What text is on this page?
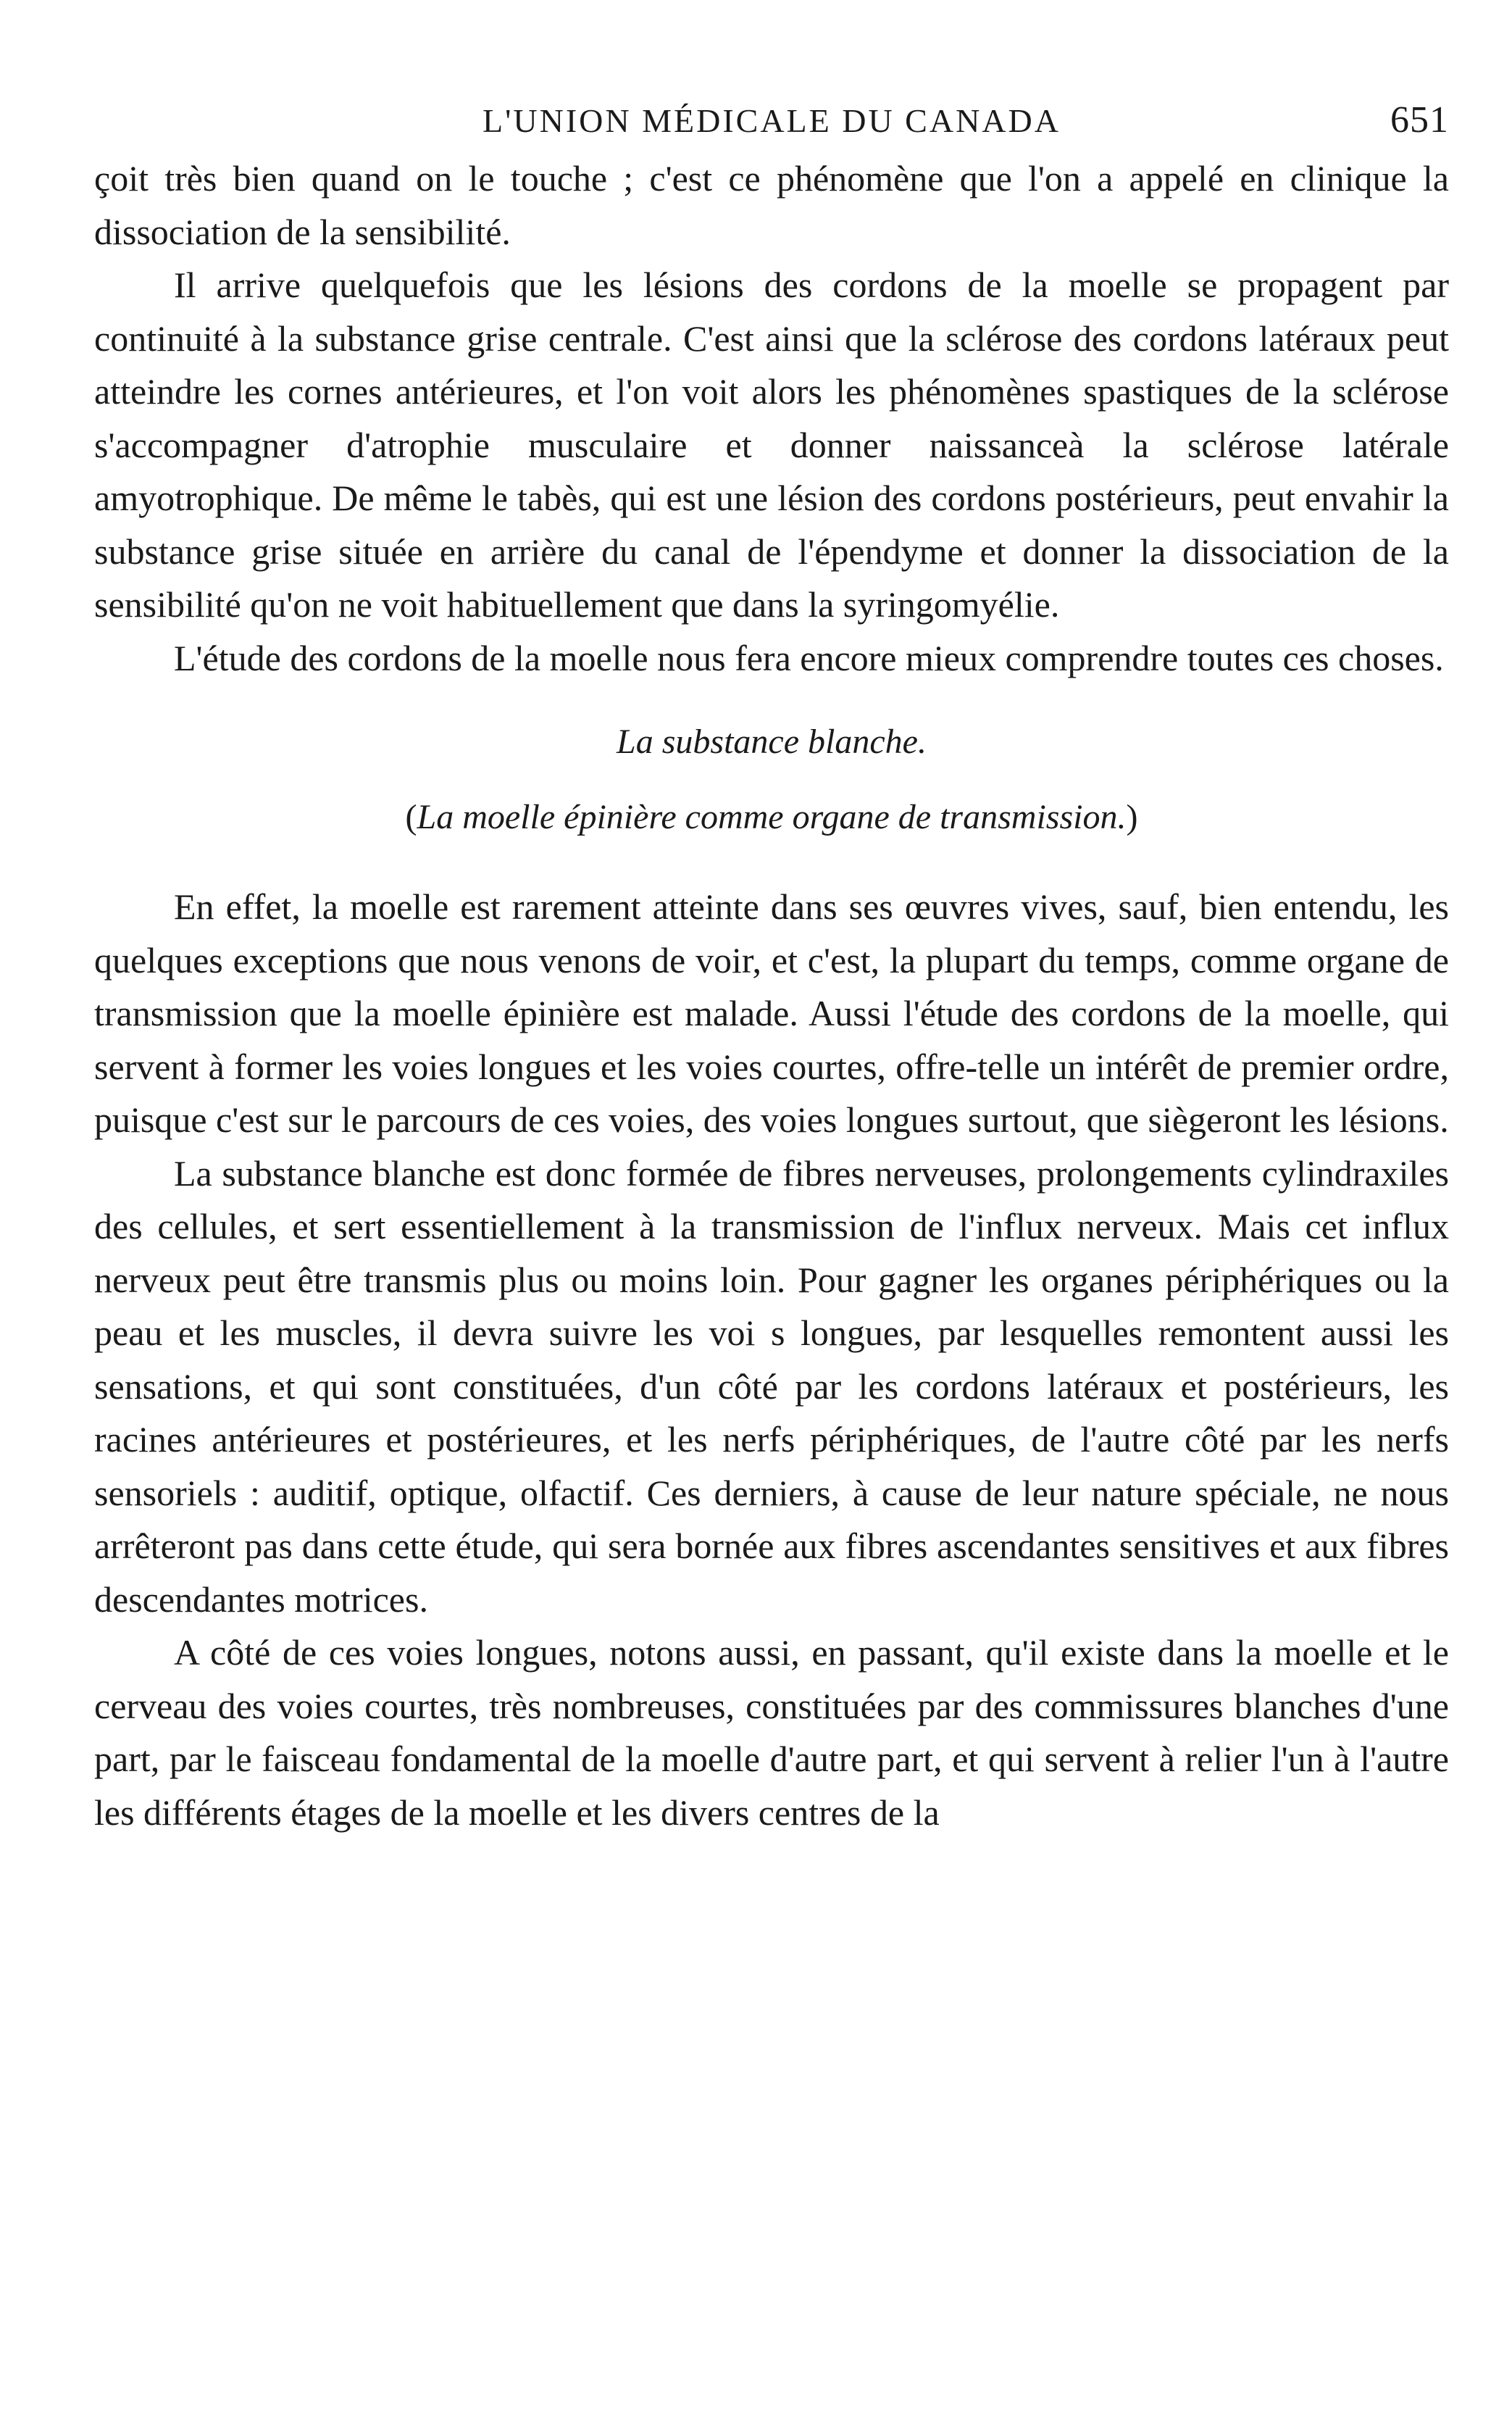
L'UNION MÉDICALE DU CANADA	651

çoit très bien quand on le touche ; c'est ce phénomène que l'on a appelé en clinique la dissociation de la sensibilité.

Il arrive quelquefois que les lésions des cordons de la moelle se propagent par continuité à la substance grise centrale. C'est ainsi que la sclérose des cordons latéraux peut atteindre les cornes antérieures, et l'on voit alors les phénomènes spastiques de la sclérose s'accompagner d'atrophie musculaire et donner naissanceà la sclérose latérale amyotrophique. De même le tabès, qui est une lésion des cordons postérieurs, peut envahir la substance grise située en arrière du canal de l'épendyme et donner la dissociation de la sensibilité qu'on ne voit habituellement que dans la syringomyélie.

L'étude des cordons de la moelle nous fera encore mieux comprendre toutes ces choses.

La substance blanche.
(La moelle épinière comme organe de transmission.)

En effet, la moelle est rarement atteinte dans ses œuvres vives, sauf, bien entendu, les quelques exceptions que nous venons de voir, et c'est, la plupart du temps, comme organe de transmission que la moelle épinière est malade. Aussi l'étude des cordons de la moelle, qui servent à former les voies longues et les voies courtes, offre-telle un intérêt de premier ordre, puisque c'est sur le parcours de ces voies, des voies longues surtout, que siègeront les lésions.

La substance blanche est donc formée de fibres nerveuses, prolongements cylindraxiles des cellules, et sert essentiellement à la transmission de l'influx nerveux. Mais cet influx nerveux peut être transmis plus ou moins loin. Pour gagner les organes périphériques ou la peau et les muscles, il devra suivre les voi s longues, par lesquelles remontent aussi les sensations, et qui sont constituées, d'un côté par les cordons latéraux et postérieurs, les racines antérieures et postérieures, et les nerfs périphériques, de l'autre côté par les nerfs sensoriels : auditif, optique, olfactif. Ces derniers, à cause de leur nature spéciale, ne nous arrêteront pas dans cette étude, qui sera bornée aux fibres ascendantes sensitives et aux fibres descendantes motrices.

A côté de ces voies longues, notons aussi, en passant, qu'il existe dans la moelle et le cerveau des voies courtes, très nombreuses, constituées par des commissures blanches d'une part, par le faisceau fondamental de la moelle d'autre part, et qui servent à relier l'un à l'autre les différents étages de la moelle et les divers centres de la
